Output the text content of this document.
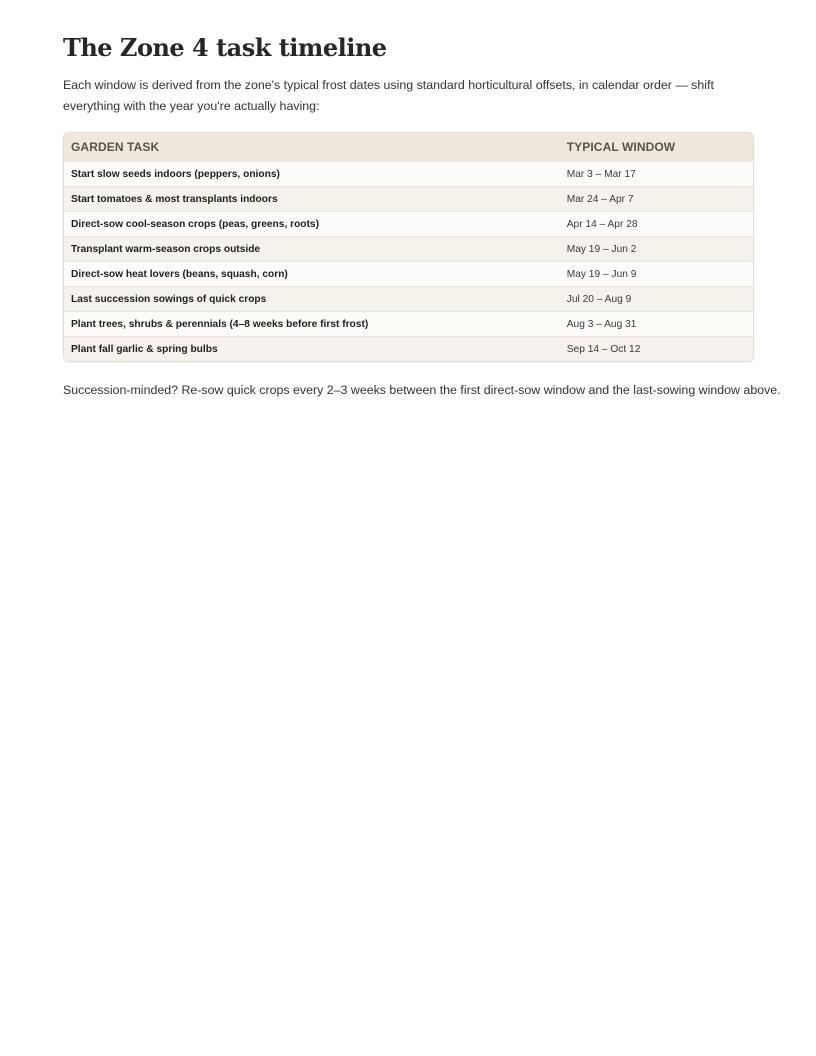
The Zone 4 task timeline

Each window is derived from the zone's typical frost dates using standard horticultural offsets, in calendar order — shift everything with the year you're actually having:

GARDEN TASK	TYPICAL WINDOW
Start slow seeds indoors (peppers, onions)	Mar 3 – Mar 17
Start tomatoes & most transplants indoors	Mar 24 – Apr 7
Direct-sow cool-season crops (peas, greens, roots)	Apr 14 – Apr 28
Transplant warm-season crops outside	May 19 – Jun 2
Direct-sow heat lovers (beans, squash, corn)	May 19 – Jun 9
Last succession sowings of quick crops	Jul 20 – Aug 9
Plant trees, shrubs & perennials (4–8 weeks before first frost)	Aug 3 – Aug 31
Plant fall garlic & spring bulbs	Sep 14 – Oct 12

Succession-minded? Re-sow quick crops every 2–3 weeks between the first direct-sow window and the last-sowing window above.
